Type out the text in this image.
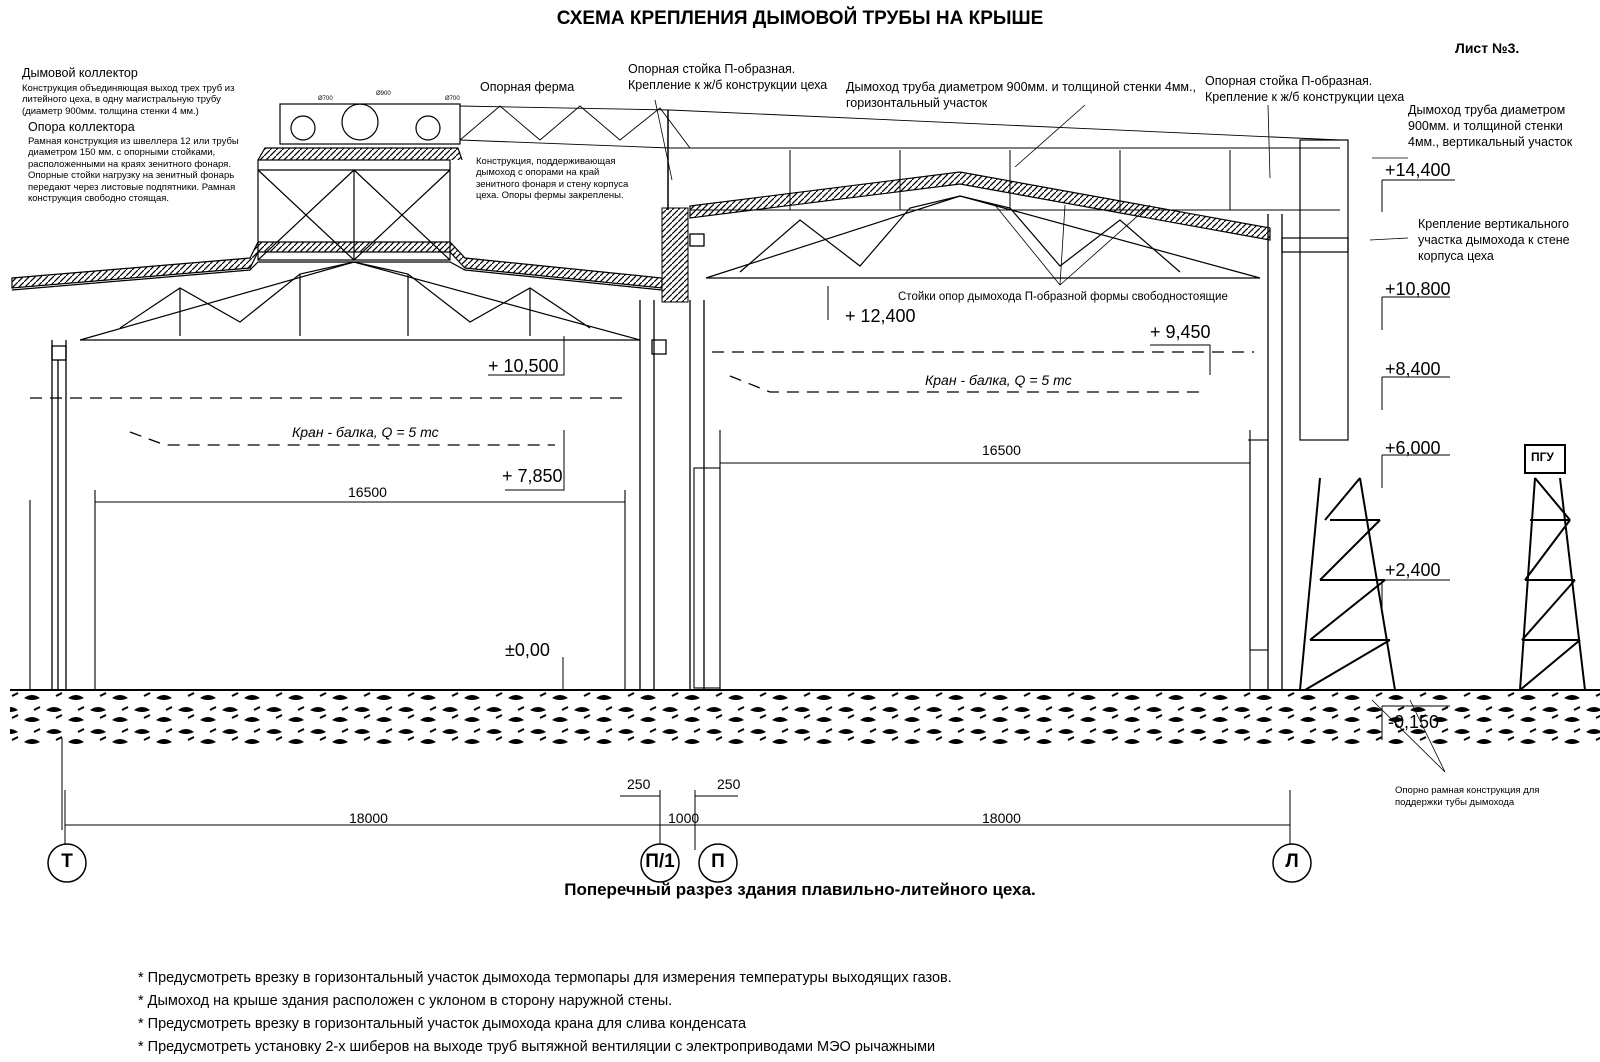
СХЕМА КРЕПЛЕНИЯ ДЫМОВОЙ ТРУБЫ НА КРЫШЕ
Лист №3.
Дымовой коллектор
Конструкция объединяющая выход трех труб из литейного цеха, в одну магистральную трубу (диаметр 900мм. толщина стенки 4 мм.)
Опора коллектора
Рамная конструкция из швеллера 12 или трубы диаметром 150 мм. с опорными стойками, расположенными на краях зенитного фонаря. Опорные стойки нагрузку на зенитный фонарь передают через листовые подпятники. Рамная конструкция свободно стоящая.
Опорная ферма
Конструкция, поддерживающая дымоход с опорами на край зенитного фонаря и стену корпуса цеха. Опоры фермы закреплены.
Опорная стойка П-образная.
Крепление к ж/б конструкции цеха Дымоход труба диаметром 900мм. и толщиной стенки 4мм.,
горизонтальный участок
Опорная стойка П-образная.
Крепление к ж/б конструкции цеха
Дымоход труба диаметром
900мм. и толщиной стенки
4мм., вертикальный участок
Крепление вертикального
участка дымохода к стене
корпуса цеха
Стойки опор дымохода П-образной формы свободностоящие
Опорно рамная конструкция для
поддержки тубы дымохода
ПГУ
Ø700
Ø900
Ø700
+14,400
+ 12,400
+10,800
+ 10,500
+ 9,450
+8,400
+ 7,850
+6,000
+2,400
±0,00
-0,150
Кран - балка, Q = 5 тс
Кран - балка, Q = 5 тс
16500
16500
250	250
18000	1000	18000
Т	П/1	П	Л
Поперечный разрез здания плавильно-литейного цеха.
* Предусмотреть врезку в горизонтальный участок дымохода термопары для измерения температуры выходящих газов.
* Дымоход на крыше здания расположен с уклоном в сторону наружной стены.
* Предусмотреть врезку в горизонтальный участок дымохода крана для слива конденсата
* Предусмотреть установку 2-х шиберов на выходе труб вытяжной вентиляции с электроприводами МЭО рычажными
